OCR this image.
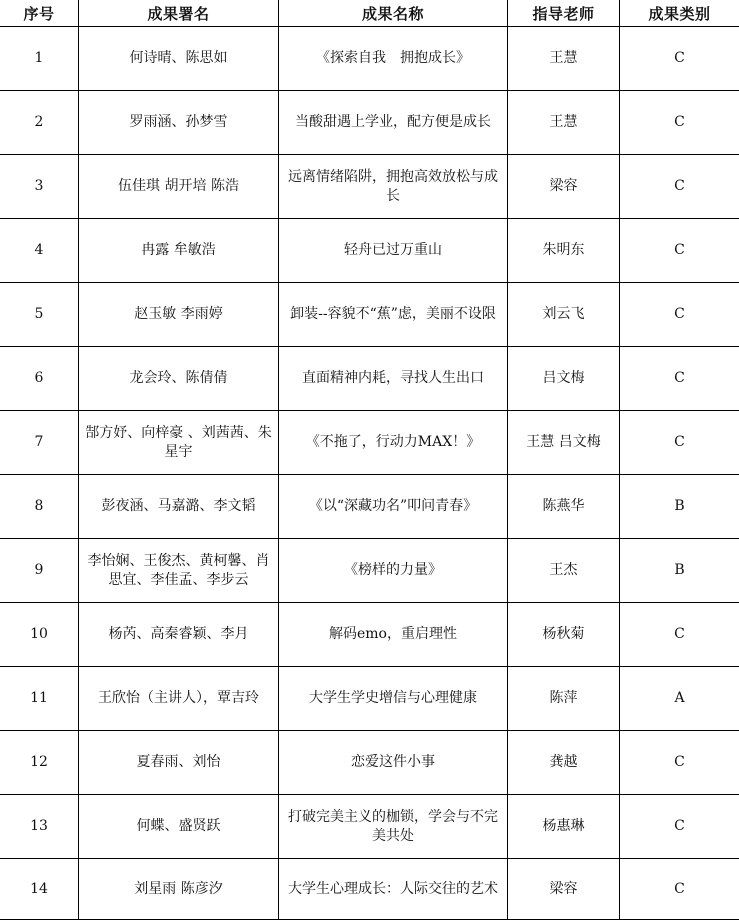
序号	成果署名	成果名称	指导老师	成果类别
1	何诗晴、陈思如	《探索自我　拥抱成长》	王慧	C
2	罗雨涵、孙梦雪	当酸甜遇上学业，配方便是成长	王慧	C
3	伍佳琪 胡开培 陈浩	远离情绪陷阱，拥抱高效放松与成长	梁容	C
4	冉露 牟敏浩	轻舟已过万重山	朱明东	C
5	赵玉敏 李雨婷	卸装--容貌不“蕉”虑，美丽不设限	刘云飞	C
6	龙会玲、陈倩倩	直面精神内耗，寻找人生出口	吕文梅	C
7	郜方妤、向梓豪 、刘茜茜、朱星宇	《不拖了，行动力MAX！》	王慧 吕文梅	C
8	彭夜涵、马嘉潞、李文韬	《以“深藏功名”叩问青春》	陈燕华	B
9	李怡娴、王俊杰、黄柯馨、肖思宜、李佳孟、李步云	《榜样的力量》	王杰	B
10	杨芮、高秦睿颖、李月	解码emo，重启理性	杨秋菊	C
11	王欣怡（主讲人），覃吉玲	大学生学史增信与心理健康	陈萍	A
12	夏春雨、刘怡	恋爱这件小事	龚越	C
13	何蝶、盛贤跃	打破完美主义的枷锁，学会与不完美共处	杨惠琳	C
14	刘星雨 陈彦汐	大学生心理成长：人际交往的艺术	梁容	C
